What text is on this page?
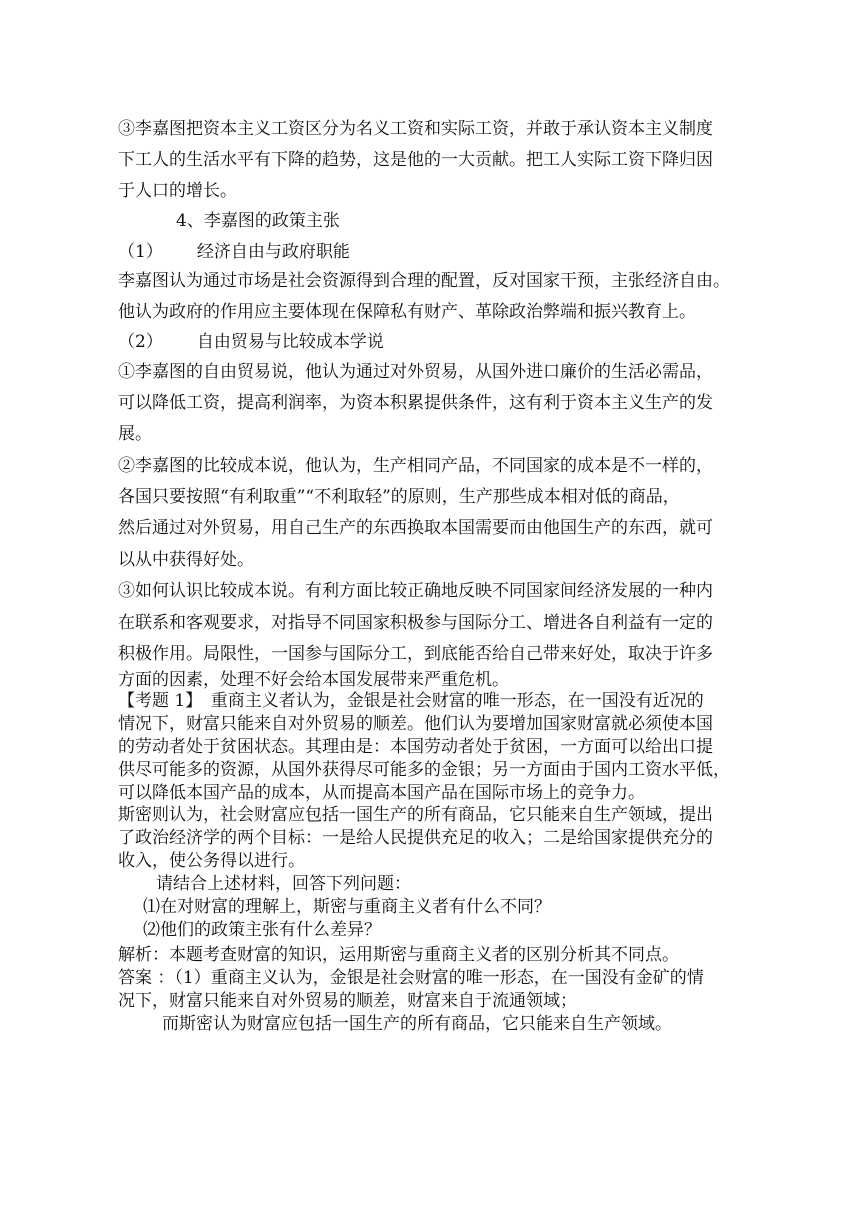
③李嘉图把资本主义工资区分为名义工资和实际工资，并敢于承认资本主义制度
下工人的生活水平有下降的趋势，这是他的一大贡献。把工人实际工资下降归因
于人口的增长。
4、李嘉图的政策主张
（1） 经济自由与政府职能
李嘉图认为通过市场是社会资源得到合理的配置，反对国家干预，主张经济自由。
他认为政府的作用应主要体现在保障私有财产、革除政治弊端和振兴教育上。
（2） 自由贸易与比较成本学说
①李嘉图的自由贸易说，他认为通过对外贸易，从国外进口廉价的生活必需品，
可以降低工资，提高利润率，为资本积累提供条件，这有利于资本主义生产的发
展。
②李嘉图的比较成本说，他认为，生产相同产品，不同国家的成本是不一样的，
各国只要按照“有利取重”“不利取轻”的原则，生产那些成本相对低的商品，
然后通过对外贸易，用自己生产的东西换取本国需要而由他国生产的东西，就可
以从中获得好处。
③如何认识比较成本说。有利方面比较正确地反映不同国家间经济发展的一种内
在联系和客观要求，对指导不同国家积极参与国际分工、增进各自利益有一定的
积极作用。局限性，一国参与国际分工，到底能否给自己带来好处，取决于许多
方面的因素，处理不好会给本国发展带来严重危机。
【考题 1】　重商主义者认为，金银是社会财富的唯一形态，在一国没有近况的
情况下，财富只能来自对外贸易的顺差。他们认为要增加国家财富就必须使本国
的劳动者处于贫困状态。其理由是：本国劳动者处于贫困，一方面可以给出口提
供尽可能多的资源，从国外获得尽可能多的金银；另一方面由于国内工资水平低，
可以降低本国产品的成本，从而提高本国产品在国际市场上的竞争力。
斯密则认为，社会财富应包括一国生产的所有商品，它只能来自生产领域，提出
了政治经济学的两个目标：一是给人民提供充足的收入；二是给国家提供充分的
收入，使公务得以进行。
请结合上述材料，回答下列问题：
⑴在对财富的理解上，斯密与重商主义者有什么不同？
⑵他们的政策主张有什么差异？
解析：本题考查财富的知识，运用斯密与重商主义者的区别分析其不同点。
答案 ：（1）重商主义认为，金银是社会财富的唯一形态，在一国没有金矿的情
况下，财富只能来自对外贸易的顺差，财富来自于流通领域；
而斯密认为财富应包括一国生产的所有商品，它只能来自生产领域。
